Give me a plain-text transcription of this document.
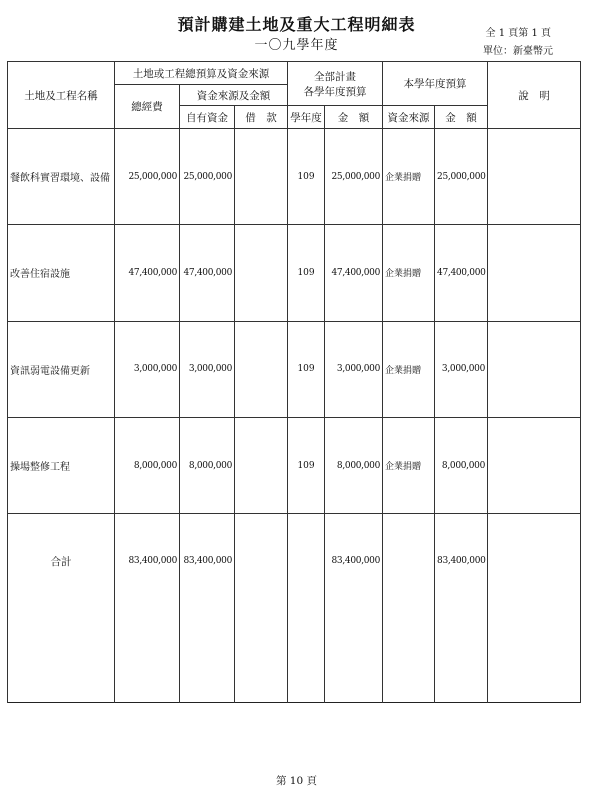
預計購建土地及重大工程明細表
一〇九學年度
全 1 頁第 1 頁
單位：新臺幣元
土地及工程名稱	土地或工程總預算及資金來源			全部計畫
各學年度預算		本學年度預算		說　明
	總經費	資金來源及金額						
		自有資金	借　款	學年度	金　額	資金來源	金　額	
餐飲科實習環境、設備	25,000,000	25,000,000		109	25,000,000	企業捐贈	25,000,000	
改善住宿設施	47,400,000	47,400,000		109	47,400,000	企業捐贈	47,400,000	
資訊弱電設備更新	3,000,000	3,000,000		109	3,000,000	企業捐贈	3,000,000	
操場整修工程	8,000,000	8,000,000		109	8,000,000	企業捐贈	8,000,000	
合計	83,400,000	83,400,000			83,400,000		83,400,000	

第 10 頁
